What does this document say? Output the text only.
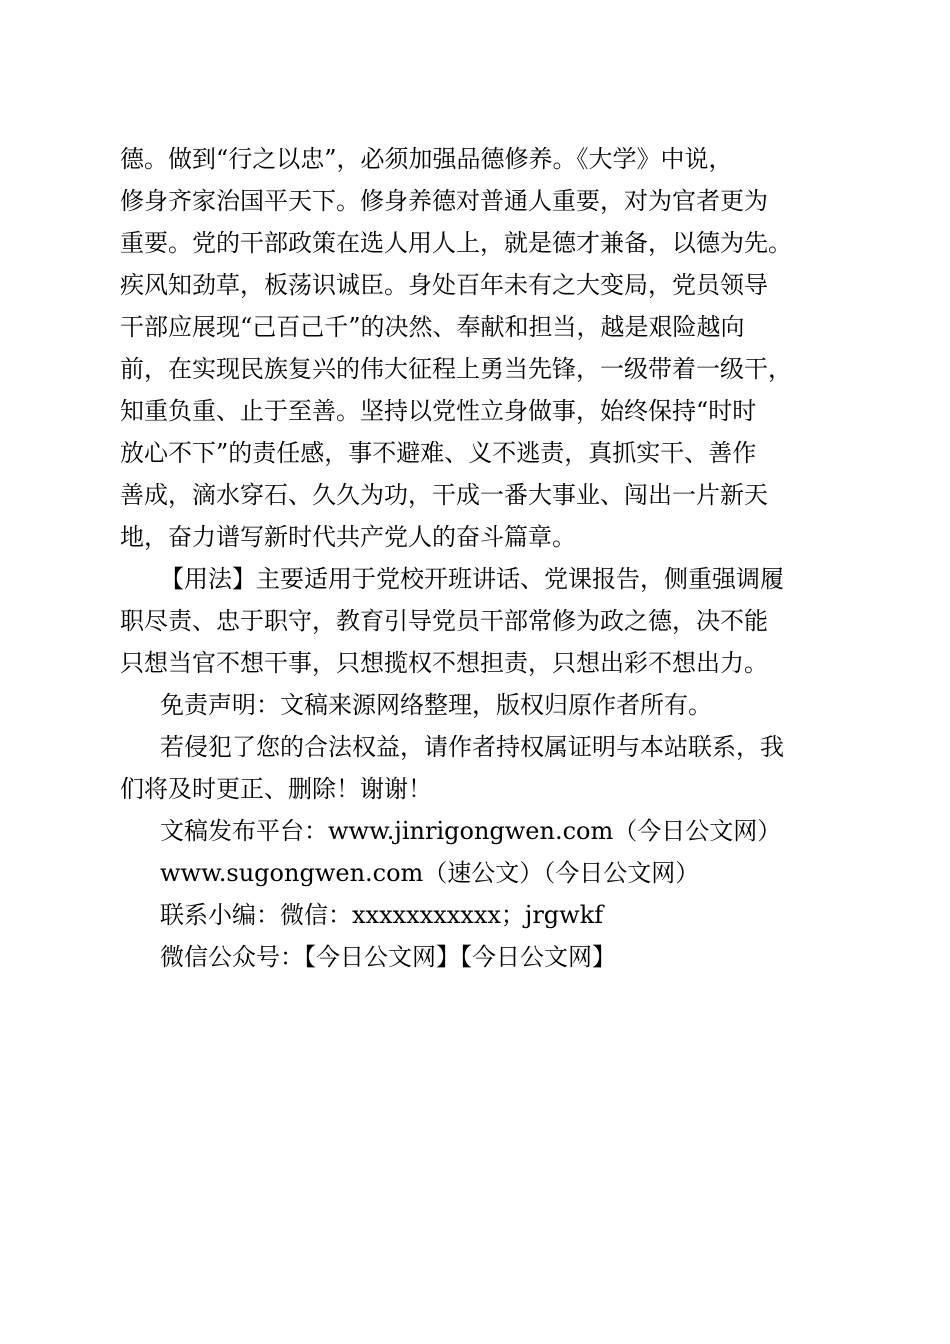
德。做到“行之以忠”，必须加强品德修养。《大学》中说，
修身齐家治国平天下。修身养德对普通人重要，对为官者更为
重要。党的干部政策在选人用人上，就是德才兼备，以德为先。
疾风知劲草，板荡识诚臣。身处百年未有之大变局，党员领导
干部应展现“己百己千”的决然、奉献和担当，越是艰险越向
前，在实现民族复兴的伟大征程上勇当先锋，一级带着一级干，
知重负重、止于至善。坚持以党性立身做事，始终保持“时时
放心不下”的责任感，事不避难、义不逃责，真抓实干、善作
善成，滴水穿石、久久为功，干成一番大事业、闯出一片新天
地，奋力谱写新时代共产党人的奋斗篇章。
【用法】主要适用于党校开班讲话、党课报告，侧重强调履
职尽责、忠于职守，教育引导党员干部常修为政之德，决不能
只想当官不想干事，只想揽权不想担责，只想出彩不想出力。
免责声明：文稿来源网络整理，版权归原作者所有。
若侵犯了您的合法权益，请作者持权属证明与本站联系，我
们将及时更正、删除！谢谢！
文稿发布平台：www.jinrigongwen.com（今日公文网）
www.sugongwen.com（速公文）（今日公文网）
联系小编：微信：xxxxxxxxxxx；jrgwkf
微信公众号：【今日公文网】【今日公文网】
